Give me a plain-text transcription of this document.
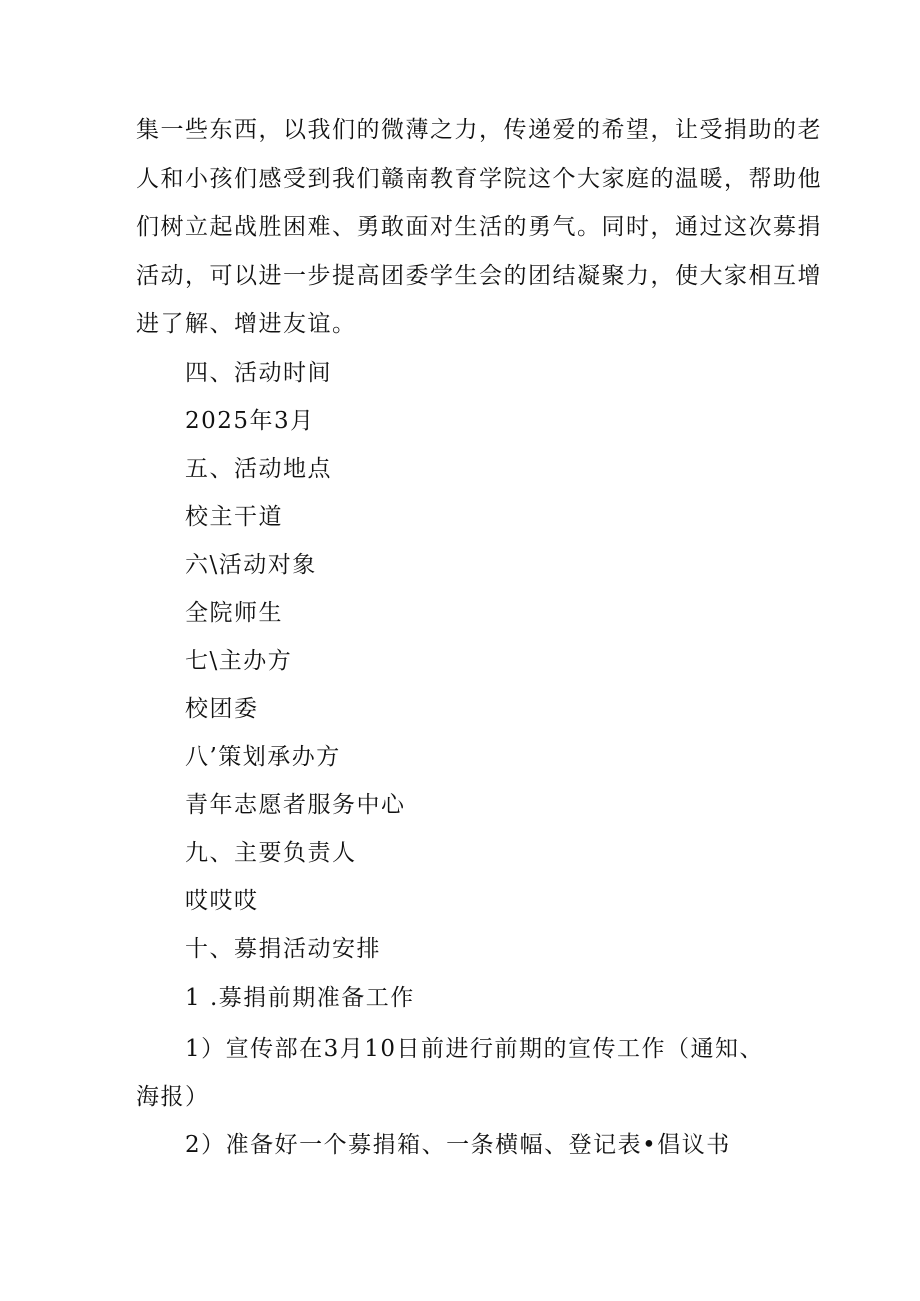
集一些东西，以我们的微薄之力，传递爱的希望，让受捐助的老
人和小孩们感受到我们赣南教育学院这个大家庭的温暖，帮助他
们树立起战胜困难、勇敢面对生活的勇气。同时，通过这次募捐
活动，可以进一步提高团委学生会的团结凝聚力，使大家相互增
进了解、增进友谊。

四、活动时间

2025年3月

五、活动地点

校主干道

六\活动对象

全院师生

七\主办方

校团委

八’策划承办方

青年志愿者服务中心

九、主要负责人

哎哎哎

十、募捐活动安排

1 .募捐前期准备工作

1）宣传部在3月10日前进行前期的宣传工作（通知、
海报）
2）准备好一个募捐箱、一条横幅、登记表•倡议书
